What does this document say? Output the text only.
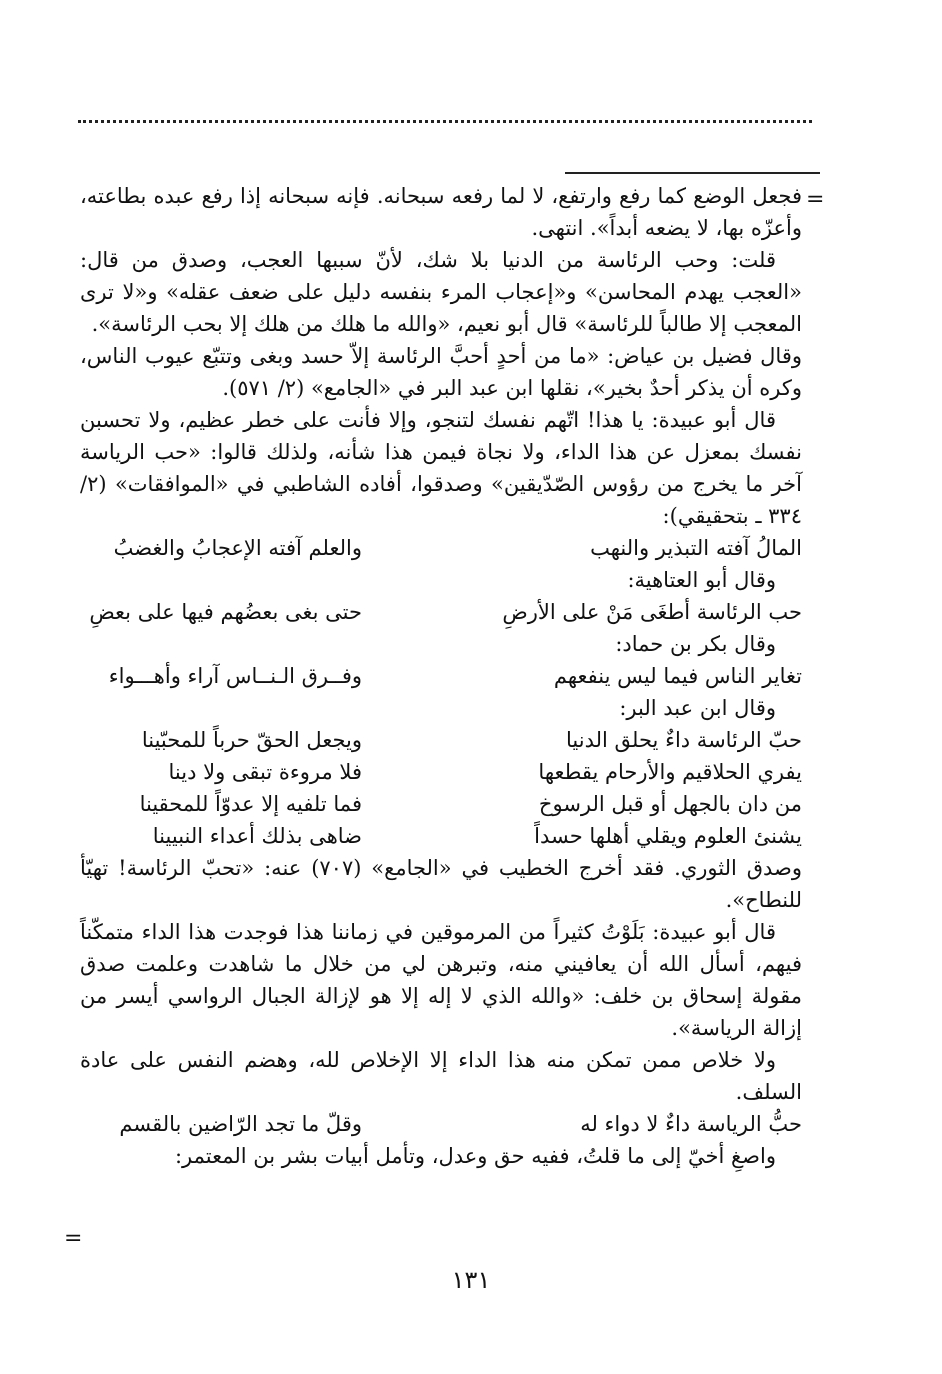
=

فجعل الوضع كما رفع وارتفع، لا لما رفعه سبحانه. فإنه سبحانه إذا رفع عبده بطاعته، وأعزّه بها، لا يضعه أبداً». انتهى.

قلت: وحب الرئاسة من الدنيا بلا شك، لأنّ سببها العجب، وصدق من قال: «العجب يهدم المحاسن» و«إعجاب المرء بنفسه دليل على ضعف عقله» و«لا ترى المعجب إلا طالباً للرئاسة» قال أبو نعيم، «والله ما هلك من هلك إلا بحب الرئاسة».

وقال فضيل بن عياض: «ما من أحدٍ أحبَّ الرئاسة إلاّ حسد وبغى وتتبّع عيوب الناس، وكره أن يذكر أحدٌ بخير»، نقلها ابن عبد البر في «الجامع» (٢/ ٥٧١).

قال أبو عبيدة: يا هذا! اتّهم نفسك لتنجو، وإلا فأنت على خطر عظيم، ولا تحسبن نفسك بمعزل عن هذا الداء، ولا نجاة فيمن هذا شأنه، ولذلك قالوا: «حب الرياسة آخر ما يخرج من رؤوس الصّدّيقين» وصدقوا، أفاده الشاطبي في «الموافقات» (٢/ ٣٣٤ ـ بتحقيقي):

المالُ آفته التبذير والنهب
والعلم آفته الإعجابُ والغضبُ

وقال أبو العتاهية:

حب الرئاسة أطغَى مَنْ على الأرضِ
حتى بغى بعضُهم فيها على بعضِ

وقال بكر بن حماد:

تغاير الناس فيما ليس ينفعهم
وفــرق الـنــاس آراء وأهـــواء

وقال ابن عبد البر:

حبّ الرئاسة داءٌ يحلق الدنيا
ويجعل الحقّ حرباً للمحبّينا
يفري الحلاقيم والأرحام يقطعها
فلا مروءة تبقى ولا دينا
من دان بالجهل أو قبل الرسوخ
فما تلفيه إلا عدوّاً للمحقينا
يشنئ العلوم ويقلي أهلها حسداً
ضاهى بذلك أعداء النبيينا

وصدق الثوري. فقد أخرج الخطيب في «الجامع» (٧٠٧) عنه: «تحبّ الرئاسة! تهيّأ للنطاح».

قال أبو عبيدة: بَلَوْتُ كثيراً من المرموقين في زماننا هذا فوجدت هذا الداء متمكّناً فيهم، أسأل الله أن يعافيني منه، وتبرهن لي من خلال ما شاهدت وعلمت صدق مقولة إسحاق بن خلف: «والله الذي لا إله إلا هو لإزالة الجبال الرواسي أيسر من إزالة الرياسة».

ولا خلاص ممن تمكن منه هذا الداء إلا الإخلاص لله، وهضم النفس على عادة السلف.

حبُّ الرياسة داءٌ لا دواء له
وقلّ ما تجد الرّاضين بالقسم

واصغِ أخيّ إلى ما قلتُ، ففيه حق وعدل، وتأمل أبيات بشر بن المعتمر:

=
١٣١
